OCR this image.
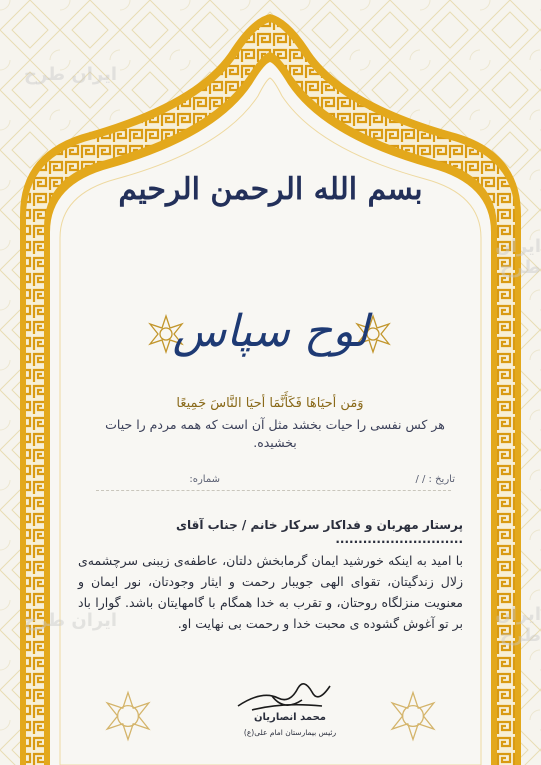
ایران طرح
ایران طرح
ایران طرح	ایران طرح
بسم الله الرحمن الرحیم
لوح سپاس
وَمَن أحيَاهَا فَكَأَنَّمَا أحيَا النَّاسَ جَمِيعًا
هر کس نفسی را حیات بخشد مثل آن است که همه مردم را حیات بخشیده.
تاریخ : / /
شماره:
پرستار مهربان و فداکار سرکار خانم / جناب آقای ............................
با امید به اینکه خورشید ایمان گرمابخش دلتان، عاطفه‌ی زیبنی سرچشمه‌ی زلال زندگیتان، تقوای الهی جویبار رحمت و ایثار وجودتان، نور ایمان و معنویت منزلگاه روحتان، و تقرب به خدا همگام با گامهایتان باشد. گوارا باد بر تو آغوش گشوده ی محبت خدا و رحمت بی نهایت او.
محمد انصاریان
رئیس بیمارستان امام علی(ع)
